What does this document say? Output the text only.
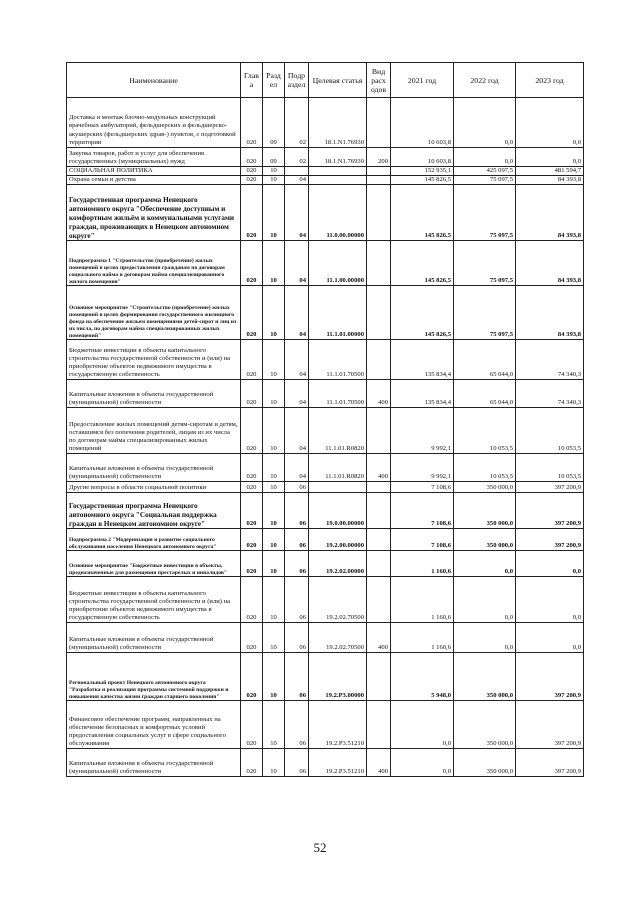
Наименование	Глав а	Разд ел	Подр аздел	Целевая статья	Вид расх одов	2021 год	2022 год	2023 год
Доставка и монтаж блочно-модульных конструкций врачебных амбулаторий, фельдшерских и фельдшерско-акушерских (фельдшерских здрав-) пунктов, с подготовкой территории	020	09	02	18.1.N1.76930		10 603,8	0,0	0,0
Закупка товаров, работ и услуг для обеспечения государственных (муниципальных) нужд	020	09	02	18.1.N1.76930	200	10 603,8	0,0	0,0
СОЦИАЛЬНАЯ ПОЛИТИКА	020	10				152 935,1	425 097,5	481 594,7
Охрана семьи и детства	020	10	04			145 826,5	75 097,5	84 393,8
Государственная программа Ненецкого автономного округа "Обеспечение доступным и комфортным жильём и коммунальными услугами граждан, проживающих в Ненецком автономном округе"	020	10	04	11.0.00.00000		145 826,5	75 097,5	84 393,8
Подпрограмма 1 "Строительство (приобретение) жилых помещений в целях предоставления гражданам по договорам социального найма и договорам найма специализированного жилого помещения"	020	10	04	11.1.00.00000		145 826,5	75 097,5	84 393,8
Основное мероприятие "Строительство (приобретение) жилых помещений в целях формирования государственного жилищного фонда на обеспечение жильем помещениями детей-сирот и лиц из их числа, по договорам найма специализированных жилых помещений"	020	10	04	11.1.01.00000		145 826,5	75 097,5	84 393,8
Бюджетные инвестиции в объекты капитального строительства государственной собственности и (или) на приобретение объектов недвижимого имущества в государственную собственность	020	10	04	11.1.01.70500		135 834,4	65 044,0	74 340,3
Капитальные вложения в объекты государственной (муниципальной) собственности	020	10	04	11.1.01.70500	400	135 834,4	65 044,0	74 340,3
Предоставление жилых помещений детям-сиротам и детям, оставшимся без попечения родителей, лицам из их числа по договорам найма специализированных жилых помещений	020	10	04	11.1.01.R0820		9 992,1	10 053,5	10 053,5
Капитальные вложения в объекты государственной (муниципальной) собственности	020	10	04	11.1.01.R0820	400	9 992,1	10 053,5	10 053,5
Другие вопросы в области социальной политики	020	10	06			7 108,6	350 000,0	397 200,9
Государственная программа Ненецкого автономного округа "Социальная поддержка граждан в Ненецком автономном округе"	020	10	06	19.0.00.00000		7 108,6	350 000,0	397 200,9
Подпрограмма 2 "Модернизация и развитие социального обслуживания населения Ненецкого автономного округа"	020	10	06	19.2.00.00000		7 108,6	350 000,0	397 200,9
Основное мероприятие "Бюджетные инвестиции в объекты, предназначенные для размещения престарелых и инвалидов"	020	10	06	19.2.02.00000		1 160,6	0,0	0,0
Бюджетные инвестиции в объекты капитального строительства государственной собственности и (или) на приобретение объектов недвижимого имущества в государственную собственность	020	10	06	19.2.02.70500		1 160,6	0,0	0,0
Капитальные вложения в объекты государственной (муниципальной) собственности	020	10	06	19.2.02.70500	400	1 160,6	0,0	0,0
Региональный проект Ненецкого автономного округа "Разработка и реализация программы системной поддержки и повышения качества жизни граждан старшего поколения"	020	10	06	19.2.P3.00000		5 948,0	350 000,0	397 200,9
Финансовое обеспечение программ, направленных на обеспечение безопасных и комфортных условий предоставления социальных услуг в сфере социального обслуживания	020	10	06	19.2.P3.51210		0,0	350 000,0	397 200,9
Капитальные вложения в объекты государственной (муниципальной) собственности	020	10	06	19.2.P3.51210	400	0,0	350 000,0	397 200,9
52
